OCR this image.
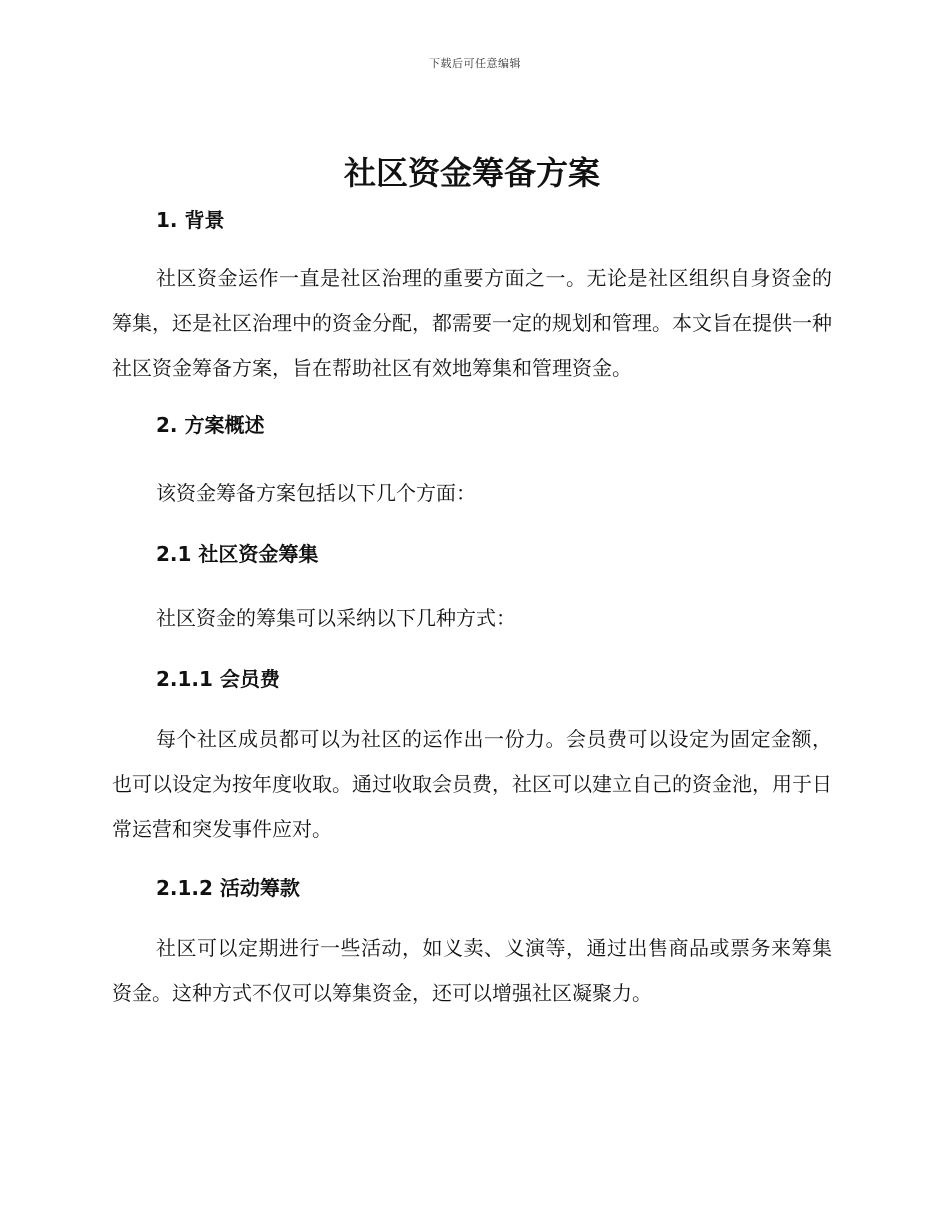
下载后可任意编辑
社区资金筹备方案
1. 背景

社区资金运作一直是社区治理的重要方面之一。无论是社区组织自身资金的筹集，还是社区治理中的资金分配，都需要一定的规划和管理。本文旨在提供一种社区资金筹备方案，旨在帮助社区有效地筹集和管理资金。

2. 方案概述

该资金筹备方案包括以下几个方面：

2.1 社区资金筹集

社区资金的筹集可以采纳以下几种方式：

2.1.1 会员费

每个社区成员都可以为社区的运作出一份力。会员费可以设定为固定金额，也可以设定为按年度收取。通过收取会员费，社区可以建立自己的资金池，用于日常运营和突发事件应对。

2.1.2 活动筹款

社区可以定期进行一些活动，如义卖、义演等，通过出售商品或票务来筹集资金。这种方式不仅可以筹集资金，还可以增强社区凝聚力。
